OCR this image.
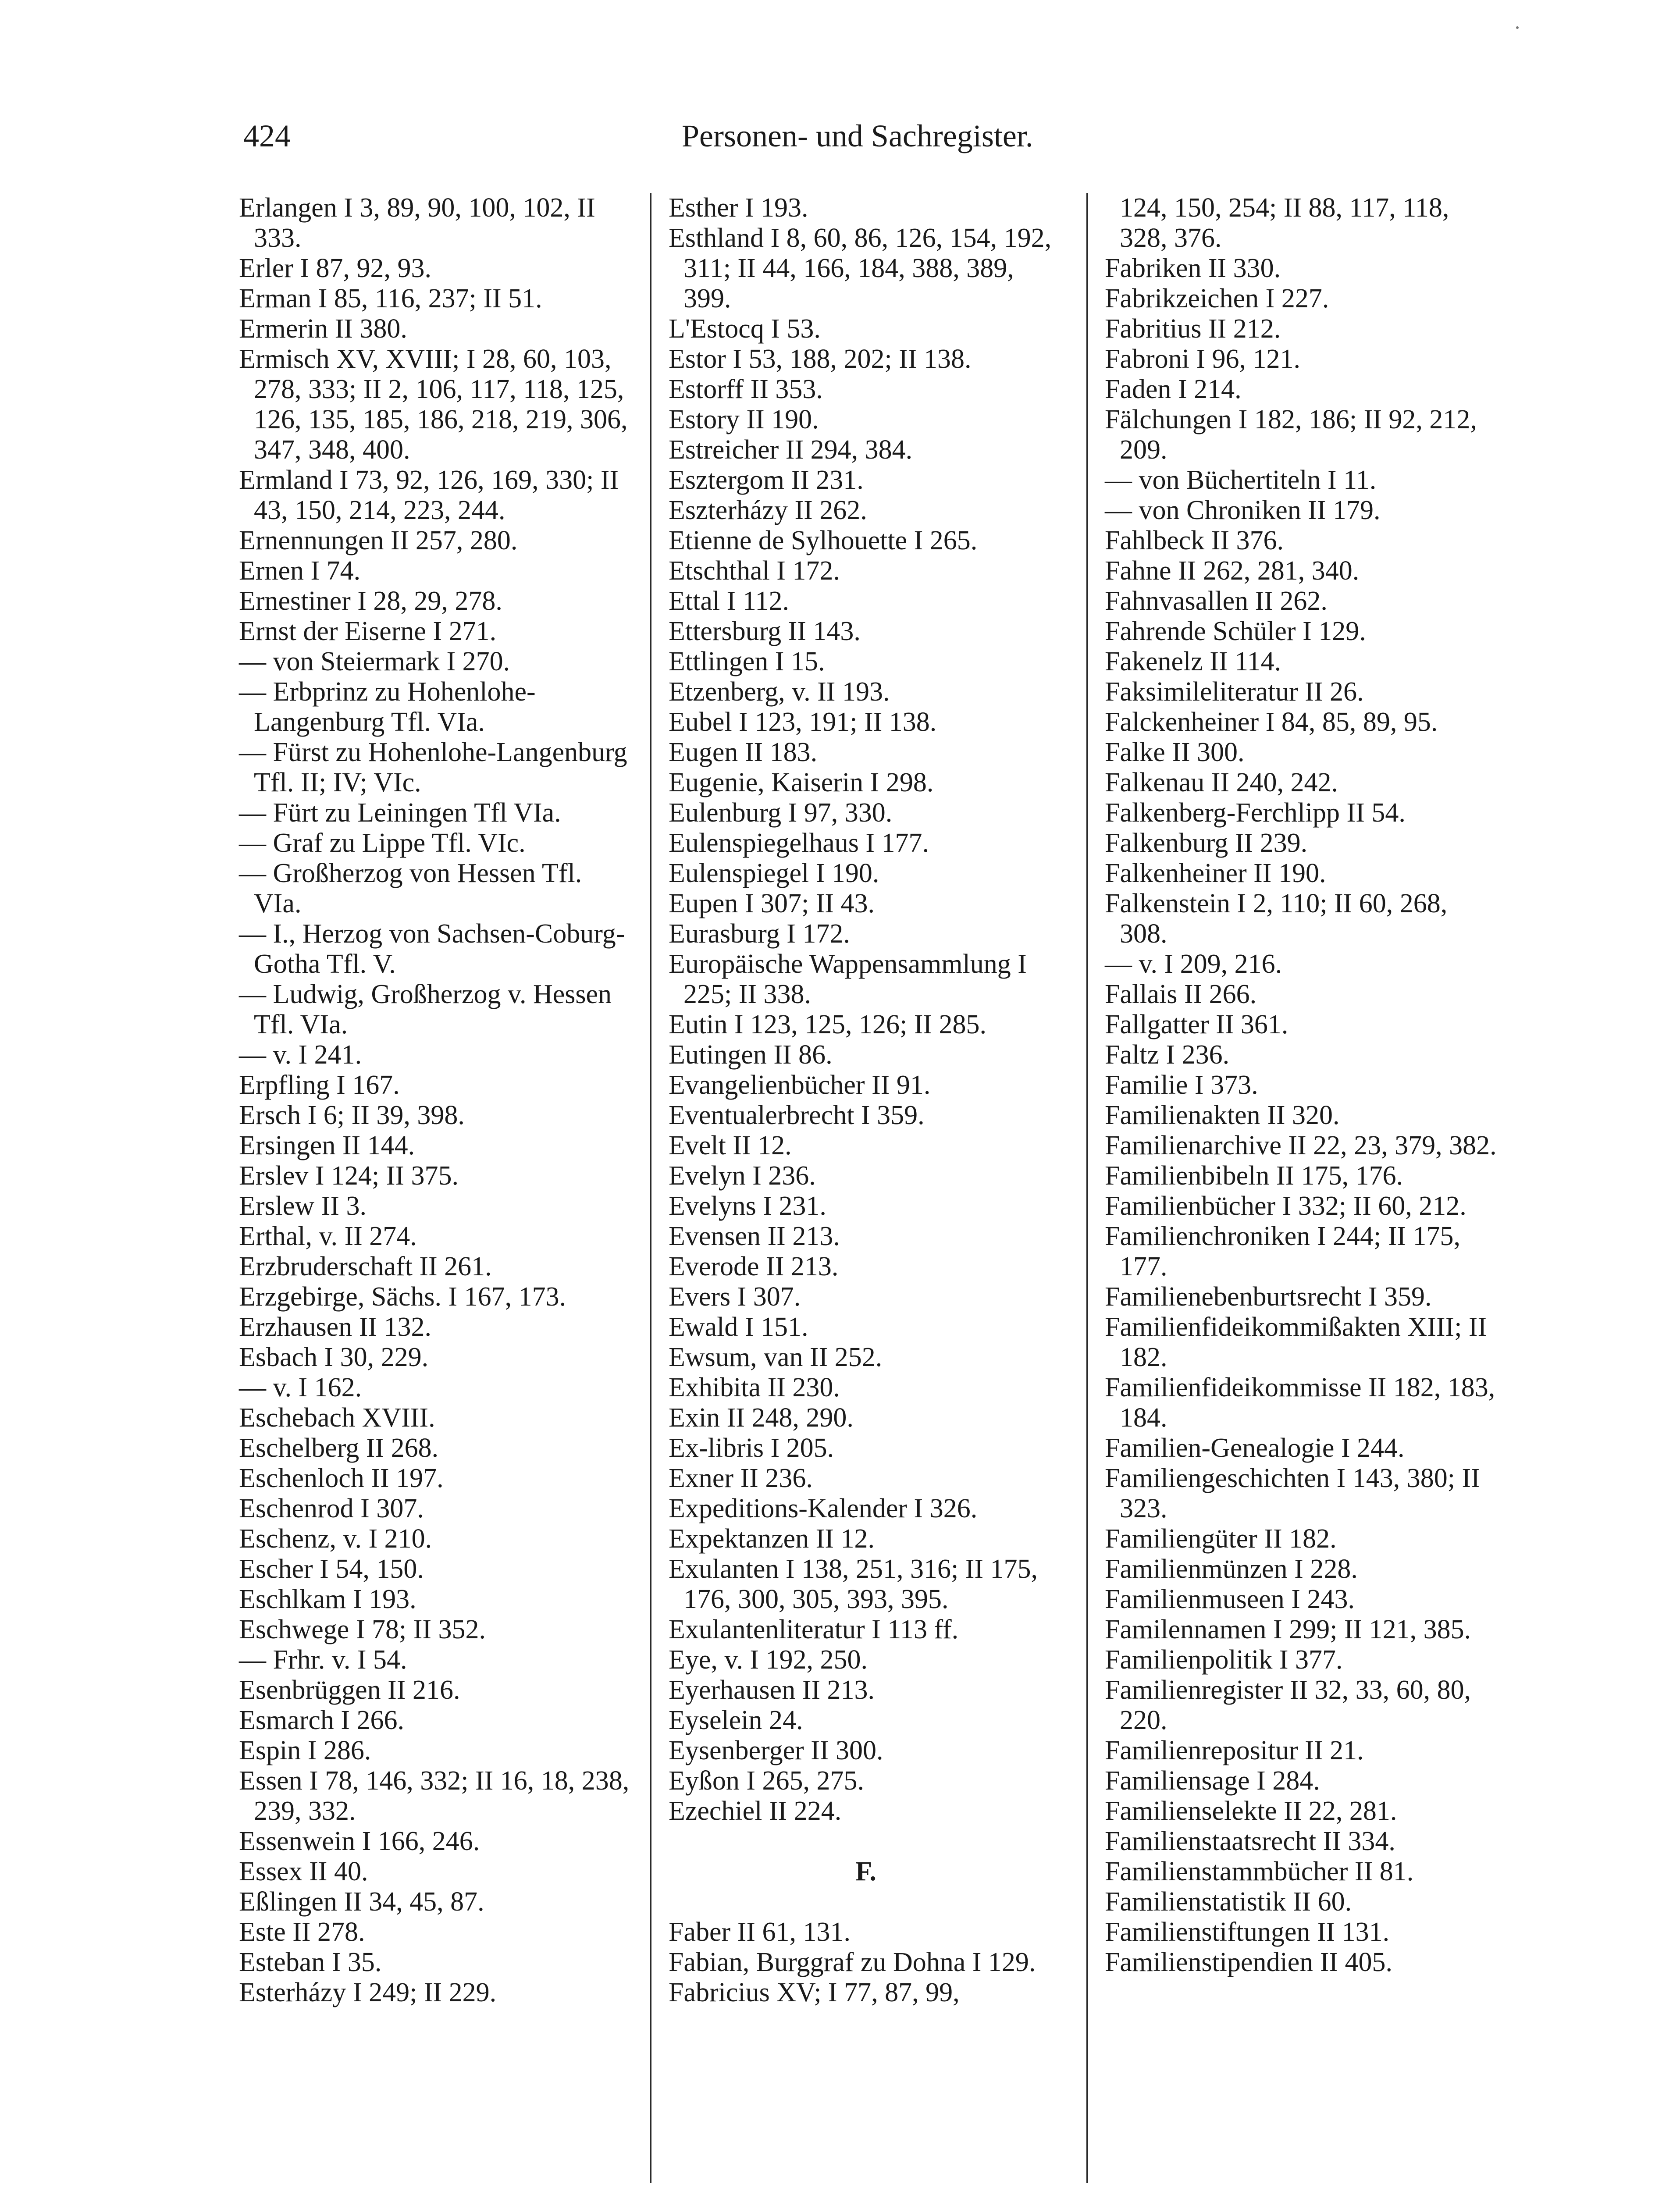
424	Personen- und Sachregister.

Erlangen I 3, 89, 90, 100, 102, II 333.

Erler I 87, 92, 93.

Erman I 85, 116, 237; II 51.

Ermerin II 380.

Ermisch XV, XVIII; I 28, 60, 103, 278, 333; II 2, 106, 117, 118, 125, 126, 135, 185, 186, 218, 219, 306, 347, 348, 400.

Ermland I 73, 92, 126, 169, 330; II 43, 150, 214, 223, 244.

Ernennungen II 257, 280.

Ernen I 74.

Ernestiner I 28, 29, 278.

Ernst der Eiserne I 271.

— von Steiermark I 270.

— Erbprinz zu Hohenlohe-Langenburg Tfl. VIa.

— Fürst zu Hohenlohe-Langenburg Tfl. II; IV; VIc.

— Fürt zu Leiningen Tfl VIa.

— Graf zu Lippe Tfl. VIc.

— Großherzog von Hessen Tfl. VIa.

— I., Herzog von Sachsen-Coburg-Gotha Tfl. V.

— Ludwig, Großherzog v. Hessen Tfl. VIa.

— v. I 241.

Erpfling I 167.

Ersch I 6; II 39, 398.

Ersingen II 144.

Erslev I 124; II 375.

Erslew II 3.

Erthal, v. II 274.

Erzbruderschaft II 261.

Erzgebirge, Sächs. I 167, 173.

Erzhausen II 132.

Esbach I 30, 229.

— v. I 162.

Eschebach XVIII.

Eschelberg II 268.

Eschenloch II 197.

Eschenrod I 307.

Eschenz, v. I 210.

Escher I 54, 150.

Eschlkam I 193.

Eschwege I 78; II 352.

— Frhr. v. I 54.

Esenbrüggen II 216.

Esmarch I 266.

Espin I 286.

Essen I 78, 146, 332; II 16, 18, 238, 239, 332.

Essenwein I 166, 246.

Essex II 40.

Eßlingen II 34, 45, 87.

Este II 278.

Esteban I 35.

Esterházy I 249; II 229.

Esther I 193.

Esthland I 8, 60, 86, 126, 154, 192, 311; II 44, 166, 184, 388, 389, 399.

L'Estocq I 53.

Estor I 53, 188, 202; II 138.

Estorff II 353.

Estory II 190.

Estreicher II 294, 384.

Esztergom II 231.

Eszterházy II 262.

Etienne de Sylhouette I 265.

Etschthal I 172.

Ettal I 112.

Ettersburg II 143.

Ettlingen I 15.

Etzenberg, v. II 193.

Eubel I 123, 191; II 138.

Eugen II 183.

Eugenie, Kaiserin I 298.

Eulenburg I 97, 330.

Eulenspiegelhaus I 177.

Eulenspiegel I 190.

Eupen I 307; II 43.

Eurasburg I 172.

Europäische Wappensammlung I 225; II 338.

Eutin I 123, 125, 126; II 285.

Eutingen II 86.

Evangelienbücher II 91.

Eventualerbrecht I 359.

Evelt II 12.

Evelyn I 236.

Evelyns I 231.

Evensen II 213.

Everode II 213.

Evers I 307.

Ewald I 151.

Ewsum, van II 252.

Exhibita II 230.

Exin II 248, 290.

Ex-libris I 205.

Exner II 236.

Expeditions-Kalender I 326.

Expektanzen II 12.

Exulanten I 138, 251, 316; II 175, 176, 300, 305, 393, 395.

Exulantenliteratur I 113 ff.

Eye, v. I 192, 250.

Eyerhausen II 213.

Eyselein 24.

Eysenberger II 300.

Eyßon I 265, 275.

Ezechiel II 224.

F.

Faber II 61, 131.

Fabian, Burggraf zu Dohna I 129.

Fabricius XV; I 77, 87, 99,

124, 150, 254; II 88, 117, 118, 328, 376.

Fabriken II 330.

Fabrikzeichen I 227.

Fabritius II 212.

Fabroni I 96, 121.

Faden I 214.

Fälchungen I 182, 186; II 92, 212, 209.

— von Büchertiteln I 11.

— von Chroniken II 179.

Fahlbeck II 376.

Fahne II 262, 281, 340.

Fahnvasallen II 262.

Fahrende Schüler I 129.

Fakenelz II 114.

Faksimileliteratur II 26.

Falckenheiner I 84, 85, 89, 95.

Falke II 300.

Falkenau II 240, 242.

Falkenberg-Ferchlipp II 54.

Falkenburg II 239.

Falkenheiner II 190.

Falkenstein I 2, 110; II 60, 268, 308.

— v. I 209, 216.

Fallais II 266.

Fallgatter II 361.

Faltz I 236.

Familie I 373.

Familienakten II 320.

Familienarchive II 22, 23, 379, 382.

Familienbibeln II 175, 176.

Familienbücher I 332; II 60, 212.

Familienchroniken I 244; II 175, 177.

Familienebenburtsrecht I 359.

Familienfideikommißakten XIII; II 182.

Familienfideikommisse II 182, 183, 184.

Familien-Genealogie I 244.

Familiengeschichten I 143, 380; II 323.

Familiengüter II 182.

Familienmünzen I 228.

Familienmuseen I 243.

Familennamen I 299; II 121, 385.

Familienpolitik I 377.

Familienregister II 32, 33, 60, 80, 220.

Familienrepositur II 21.

Familiensage I 284.

Familienselekte II 22, 281.

Familienstaatsrecht II 334.

Familienstammbücher II 81.

Familienstatistik II 60.

Familienstiftungen II 131.

Familienstipendien II 405.
